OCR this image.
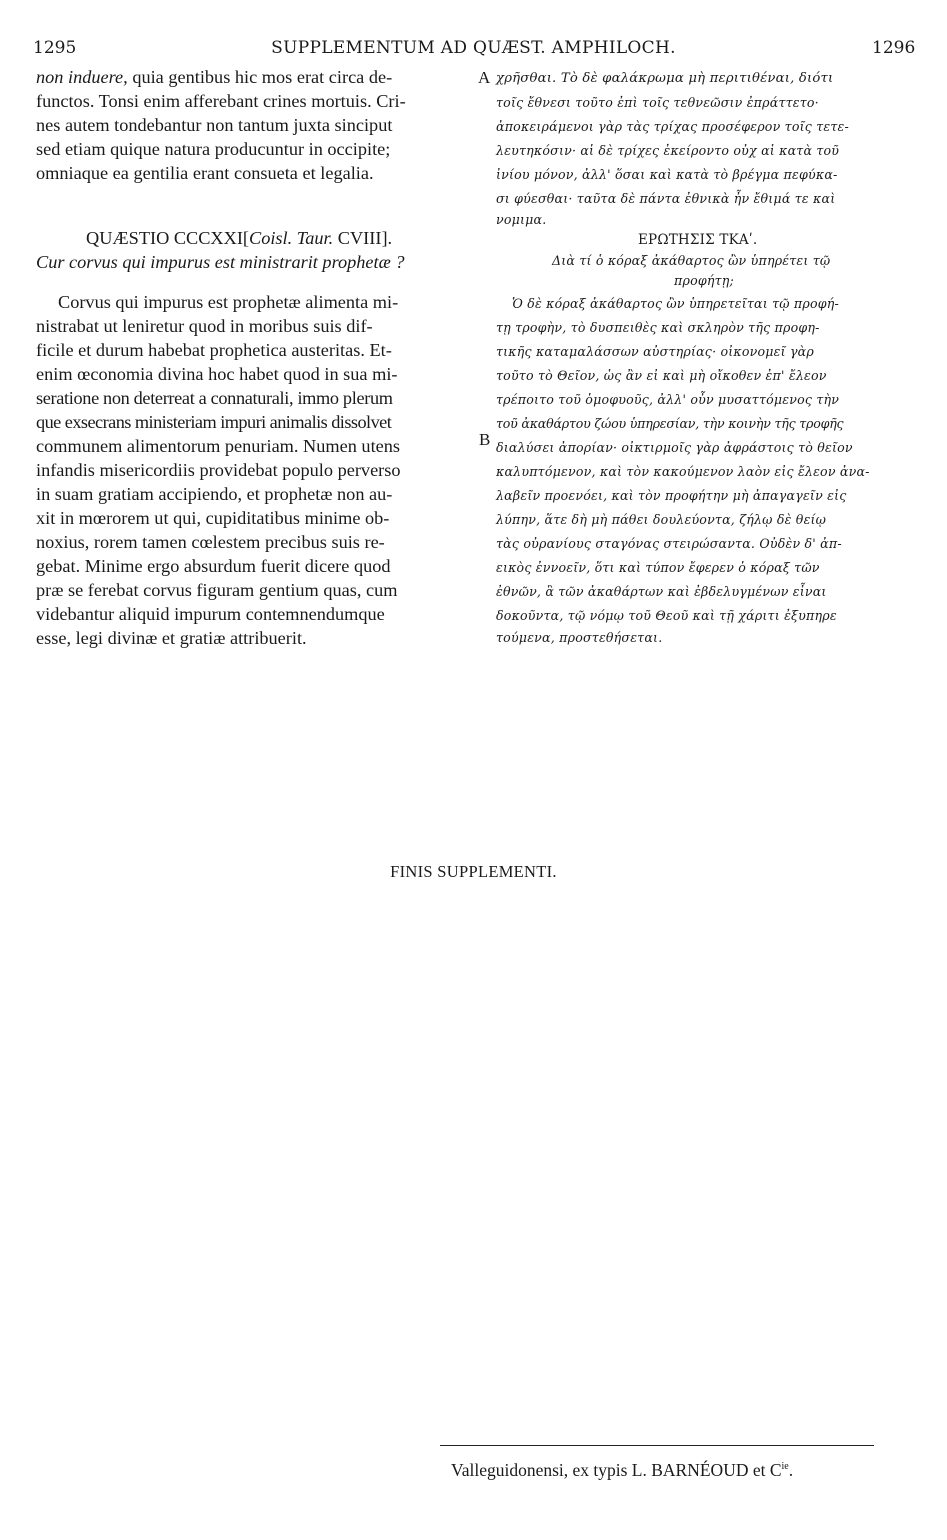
1295	SUPPLEMENTUM AD QUÆST. AMPHILOCH.	1296
non induere, quia gentibus hic mos erat circa de-
functos. Tonsi enim afferebant crines mortuis. Cri-
nes autem tondebantur non tantum juxta sinciput
sed etiam quique natura producuntur in occipite;
omniaque ea gentilia erant consueta et legalia.
QUÆSTIO CCCXXI[Coisl. Taur. CVIII].
Cur corvus qui impurus est ministrarit prophetæ ?
Corvus qui impurus est prophetæ alimenta mi-
nistrabat ut leniretur quod in moribus suis dif-
ficile et durum habebat prophetica austeritas. Et-
enim œconomia divina hoc habet quod in sua mi-
seratione non deterreat a connaturali, immo plerum
que exsecrans ministeriam impuri animalis dissolvet
communem alimentorum penuriam. Numen utens
infandis misericordiis providebat populo perverso
in suam gratiam accipiendo, et prophetæ non au-
xit in mœrorem ut qui, cupiditatibus minime ob-
noxius, rorem tamen cœlestem precibus suis re-
gebat. Minime ergo absurdum fuerit dicere quod
præ se ferebat corvus figuram gentium quas, cum
videbantur aliquid impurum contemnendumque
esse, legi divinæ et gratiæ attribuerit.
A
B
χρῆσθαι. Τὸ δὲ φαλάκρωμα μὴ περιτιθέναι, διότι
τοῖς ἔθνεσι τοῦτο ἐπὶ τοῖς τεθνεῶσιν ἐπράττετο·
ἀποκειράμενοι γὰρ τὰς τρίχας προσέφερον τοῖς τετε-
λευτηκόσιν· αἱ δὲ τρίχες ἐκείροντο οὐχ αἱ κατὰ τοῦ
ἰνίου μόνον, ἀλλ' ὅσαι καὶ κατὰ τὸ βρέγμα πεφύκα-
σι φύεσθαι· ταῦτα δὲ πάντα ἐθνικὰ ἦν ἔθιμά τε καὶ
νομιμα.
ΕΡΩΤΗΣΙΣ ΤΚΑʹ.
Διὰ τί ὁ κόραξ ἀκάθαρτος ὢν ὑπηρέτει τῷ
προφήτῃ;
Ὁ δὲ κόραξ ἀκάθαρτος ὢν ὑπηρετεῖται τῷ προφή-
τῃ τροφὴν, τὸ δυσπειθὲς καὶ σκληρὸν τῆς προφη-
τικῆς καταμαλάσσων αὐστηρίας· οἰκονομεῖ γὰρ
τοῦτο τὸ Θεῖον, ὡς ἂν εἰ καὶ μὴ οἴκοθεν ἐπ' ἔλεον
τρέποιτο τοῦ ὁμοφυοῦς, ἀλλ' οὖν μυσαττόμενος τὴν
τοῦ ἀκαθάρτου ζώου ὑπηρεσίαν, τὴν κοινὴν τῆς τροφῆς
διαλύσει ἀπορίαν· οἰκτιρμοῖς γὰρ ἀφράστοις τὸ θεῖον
καλυπτόμενον, καὶ τὸν κακούμενον λαὸν εἰς ἔλεον ἀνα-
λαβεῖν προενόει, καὶ τὸν προφήτην μὴ ἀπαγαγεῖν εἰς
λύπην, ἅτε δὴ μὴ πάθει δουλεύοντα, ζήλῳ δὲ θείῳ
τὰς οὐρανίους σταγόνας στειρώσαντα. Οὐδὲν δ' ἀπ-
εικὸς ἐννοεῖν, ὅτι καὶ τύπον ἔφερεν ὁ κόραξ τῶν
ἐθνῶν, ἃ τῶν ἀκαθάρτων καὶ ἐβδελυγμένων εἶναι
δοκοῦντα, τῷ νόμῳ τοῦ Θεοῦ καὶ τῇ χάριτι ἐξυπηρε
τούμενα, προστεθήσεται.
FINIS SUPPLEMENTI.
Valleguidonensi, ex typis L. BARNÉOUD et $C^{ie}$.
